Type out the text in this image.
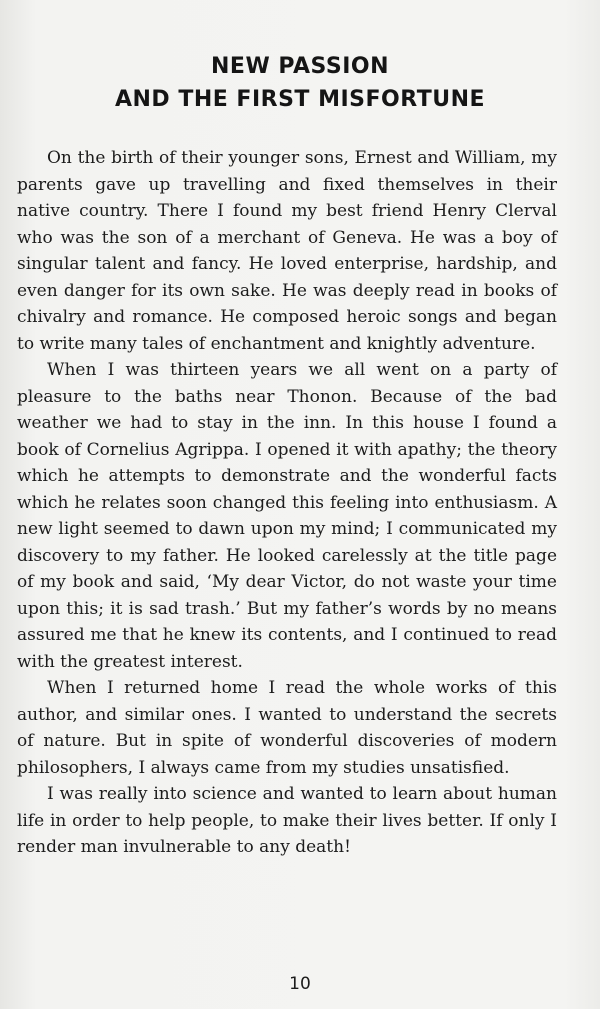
NEW PASSION
AND THE FIRST MISFORTUNE

On the birth of their younger sons, Ernest and William, my parents gave up travelling and fixed themselves in their native country. There I found my best friend Henry Clerval who was the son of a merchant of Geneva. He was a boy of singular talent and fancy. He loved enterprise, hardship, and even danger for its own sake. He was deeply read in books of chivalry and romance. He composed heroic songs and began to write many tales of enchantment and knightly adventure.

When I was thirteen years we all went on a party of pleasure to the baths near Thonon. Because of the bad weather we had to stay in the inn. In this house I found a book of Cornelius Agrippa. I opened it with apathy; the theory which he attempts to demonstrate and the wonderful facts which he relates soon changed this feeling into enthusiasm. A new light seemed to dawn upon my mind; I communicated my discovery to my father. He looked carelessly at the title page of my book and said, ‘My dear Victor, do not waste your time upon this; it is sad trash.’ But my father’s words by no means assured me that he knew its contents, and I continued to read with the greatest interest.

When I returned home I read the whole works of this author, and similar ones. I wanted to understand the secrets of nature. But in spite of wonderful discoveries of modern philosophers, I always came from my studies unsatisfied.

I was really into science and wanted to learn about human life in order to help people, to make their lives better. If only I render man invulnerable to any death!

10
